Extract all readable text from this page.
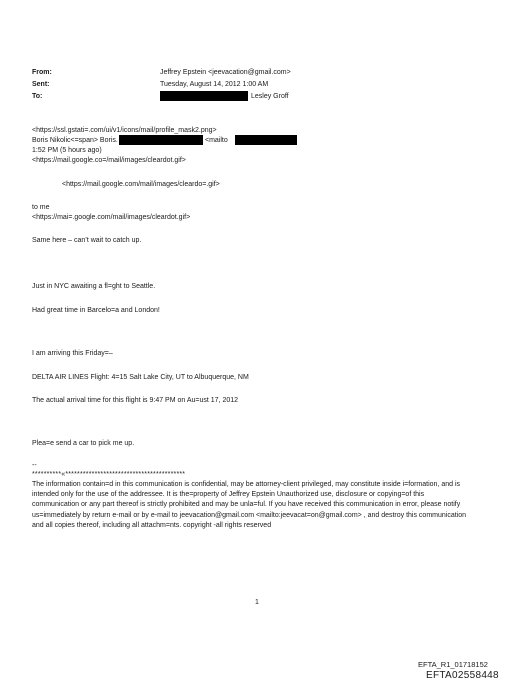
From:	Jeffrey Epstein <jeevacation@gmail.com>
Sent:	Tuesday, August 14, 2012 1:00 AM
To:	Lesley Groff
<https://ssl.gstati=.com/ui/v1/icons/mail/profile_mask2.png>
Boris Nikolic<=span> Boris.	<mailto
1:52 PM (5 hours ago)
<https://mail.google.co=/mail/images/cleardot.gif>
<https://mail.google.com/mail/images/cleardo=.gif>
to me
<https://mai=.google.com/mail/images/cleardot.gif>
Same here – can’t wait to catch up.
Just in NYC awaiting a fl=ght to Seattle.
Had great time in Barcelo=a and London!
I am arriving this Friday=–
DELTA AIR LINES Flight: 4=15 Salt Lake City, UT to Albuquerque, NM
The actual arrival time for this flight is 9:47 PM on Au=ust 17, 2012
Plea=e send a car to pick me up.
--
**********«*****************************************
The information contain=d in this communication is confidential, may be attorney-client privileged, may constitute inside i=formation, and is intended only for the use of the addressee. It is the=property of Jeffrey Epstein Unauthorized use, disclosure or copying=of this communication or any part thereof is strictly prohibited and may be unla=ful. If you have received this communication in error, please notify us=immediately by return e-mail or by e-mail to jeevacation@gmail.com <mailto:jeevacat=on@gmail.com> , and destroy this communication and all copies thereof, including all attachm=nts. copyright -all rights reserved
1
EFTA_R1_01718152
EFTA02558448
